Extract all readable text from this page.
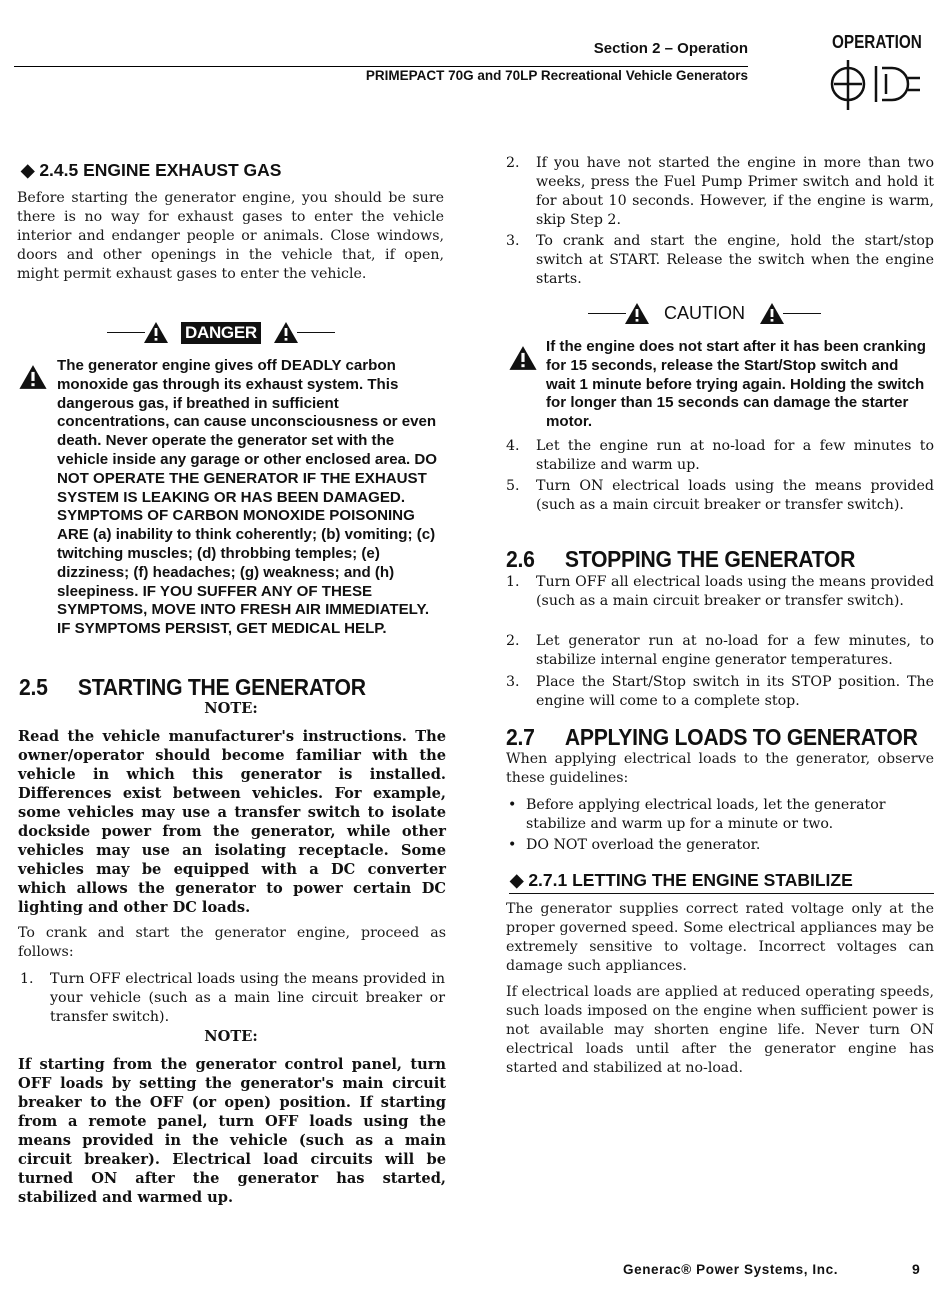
Section 2 – Operation
PRIMEPACT 70G and 70LP Recreational Vehicle Generators
OPERATION
◆ 2.4.5 ENGINE EXHAUST GAS
Before starting the generator engine, you should be sure there is no way for exhaust gases to enter the vehicle interior and endanger people or animals. Close windows, doors and other openings in the vehicle that, if open, might permit exhaust gases to enter the vehicle.
DANGER
The generator engine gives off DEADLY carbon monoxide gas through its exhaust system. This dangerous gas, if breathed in sufficient concentrations, can cause unconsciousness or even death. Never operate the generator set with the vehicle inside any garage or other enclosed area. DO NOT OPERATE THE GENERATOR IF THE EXHAUST SYSTEM IS LEAKING OR HAS BEEN DAMAGED. SYMPTOMS OF CARBON MONOXIDE POISONING ARE (a) inability to think coherently; (b) vomiting; (c) twitching muscles; (d) throbbing temples; (e) dizziness; (f) headaches; (g) weakness; and (h) sleepiness. IF YOU SUFFER ANY OF THESE SYMPTOMS, MOVE INTO FRESH AIR IMMEDIATELY. IF SYMPTOMS PERSIST, GET MEDICAL HELP.
2.5 STARTING THE GENERATOR
NOTE:
Read the vehicle manufacturer's instructions. The owner/operator should become familiar with the vehicle in which this generator is installed. Differences exist between vehicles. For example, some vehicles may use a transfer switch to isolate dockside power from the generator, while other vehicles may use an isolating receptacle. Some vehicles may be equipped with a DC converter which allows the generator to power certain DC lighting and other DC loads.
To crank and start the generator engine, proceed as follows:
1. Turn OFF electrical loads using the means provided in your vehicle (such as a main line circuit breaker or transfer switch).
NOTE:
If starting from the generator control panel, turn OFF loads by setting the generator's main circuit breaker to the OFF (or open) position. If starting from a remote panel, turn OFF loads using the means provided in the vehicle (such as a main circuit breaker). Electrical load circuits will be turned ON after the generator has started, stabilized and warmed up.
2. If you have not started the engine in more than two weeks, press the Fuel Pump Primer switch and hold it for about 10 seconds. However, if the engine is warm, skip Step 2.
3. To crank and start the engine, hold the start/stop switch at START. Release the switch when the engine starts.
CAUTION
If the engine does not start after it has been cranking for 15 seconds, release the Start/Stop switch and wait 1 minute before trying again. Holding the switch for longer than 15 seconds can damage the starter motor.
4. Let the engine run at no-load for a few minutes to stabilize and warm up.
5. Turn ON electrical loads using the means provided (such as a main circuit breaker or transfer switch).
2.6 STOPPING THE GENERATOR
1. Turn OFF all electrical loads using the means provided (such as a main circuit breaker or transfer switch).
2. Let generator run at no-load for a few minutes, to stabilize internal engine generator temperatures.
3. Place the Start/Stop switch in its STOP position. The engine will come to a complete stop.
2.7 APPLYING LOADS TO GENERATOR
When applying electrical loads to the generator, observe these guidelines:
• Before applying electrical loads, let the generator stabilize and warm up for a minute or two.
• DO NOT overload the generator.
◆ 2.7.1 LETTING THE ENGINE STABILIZE
The generator supplies correct rated voltage only at the proper governed speed. Some electrical appliances may be extremely sensitive to voltage. Incorrect voltages can damage such appliances.
If electrical loads are applied at reduced operating speeds, such loads imposed on the engine when sufficient power is not available may shorten engine life. Never turn ON electrical loads until after the generator engine has started and stabilized at no-load.
Generac® Power Systems, Inc.	9
